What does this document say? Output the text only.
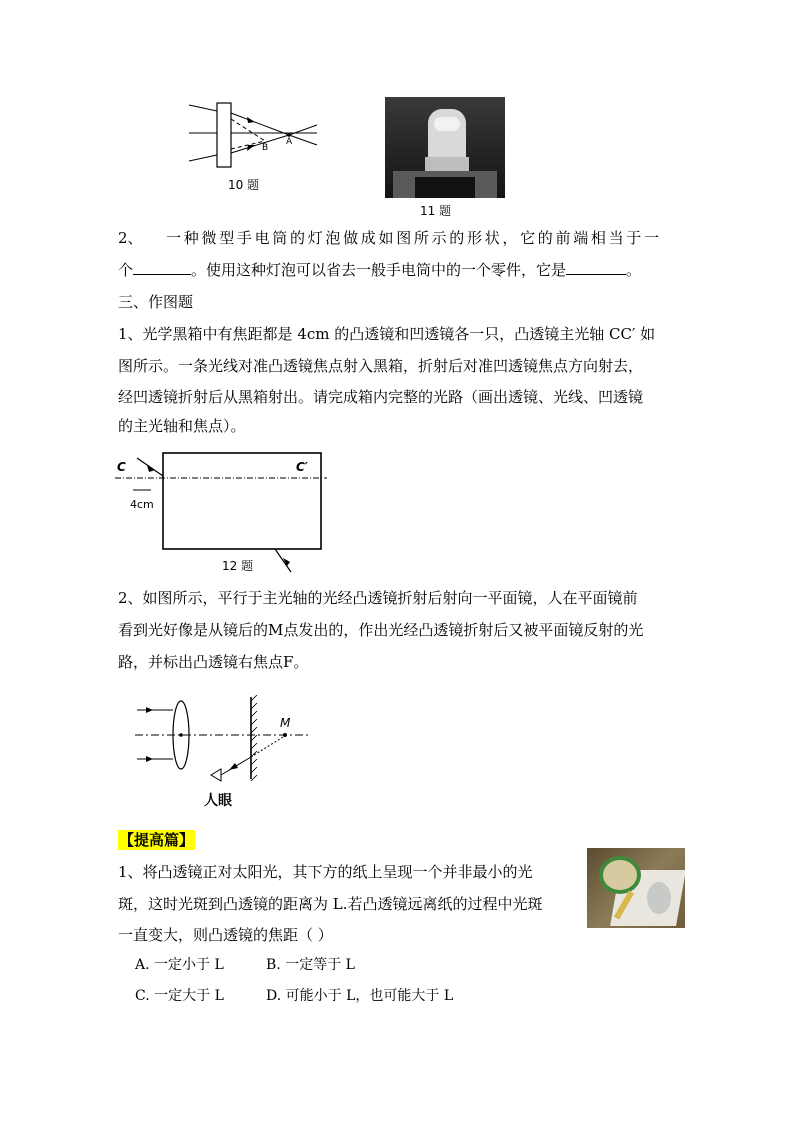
B
A
10 题
11 题
2、 一种微型手电筒的灯泡做成如图所示的形状，它的前端相当于一
个	。使用这种灯泡可以省去一般手电筒中的一个零件，它是	。
三、作图题
1、光学黑箱中有焦距都是 4cm 的凸透镜和凹透镜各一只，凸透镜主光轴 CC′ 如
图所示。一条光线对准凸透镜焦点射入黑箱，折射后对准凹透镜焦点方向射去，
经凹透镜折射后从黑箱射出。请完成箱内完整的光路（画出透镜、光线、凹透镜
的主光轴和焦点）。
C	C′
4cm
12 题
2、如图所示，平行于主光轴的光经凸透镜折射后射向一平面镜，人在平面镜前
看到光好像是从镜后的M点发出的，作出光经凸透镜折射后又被平面镜反射的光
路，并标出凸透镜右焦点F。
M
人眼
【提高篇】
1、将凸透镜正对太阳光，其下方的纸上呈现一个并非最小的光
斑，这时光斑到凸透镜的距离为 L.若凸透镜远离纸的过程中光斑
一直变大，则凸透镜的焦距（ ）
A. 一定小于 L	B. 一定等于 L
C. 一定大于 L	D. 可能小于 L，也可能大于 L
